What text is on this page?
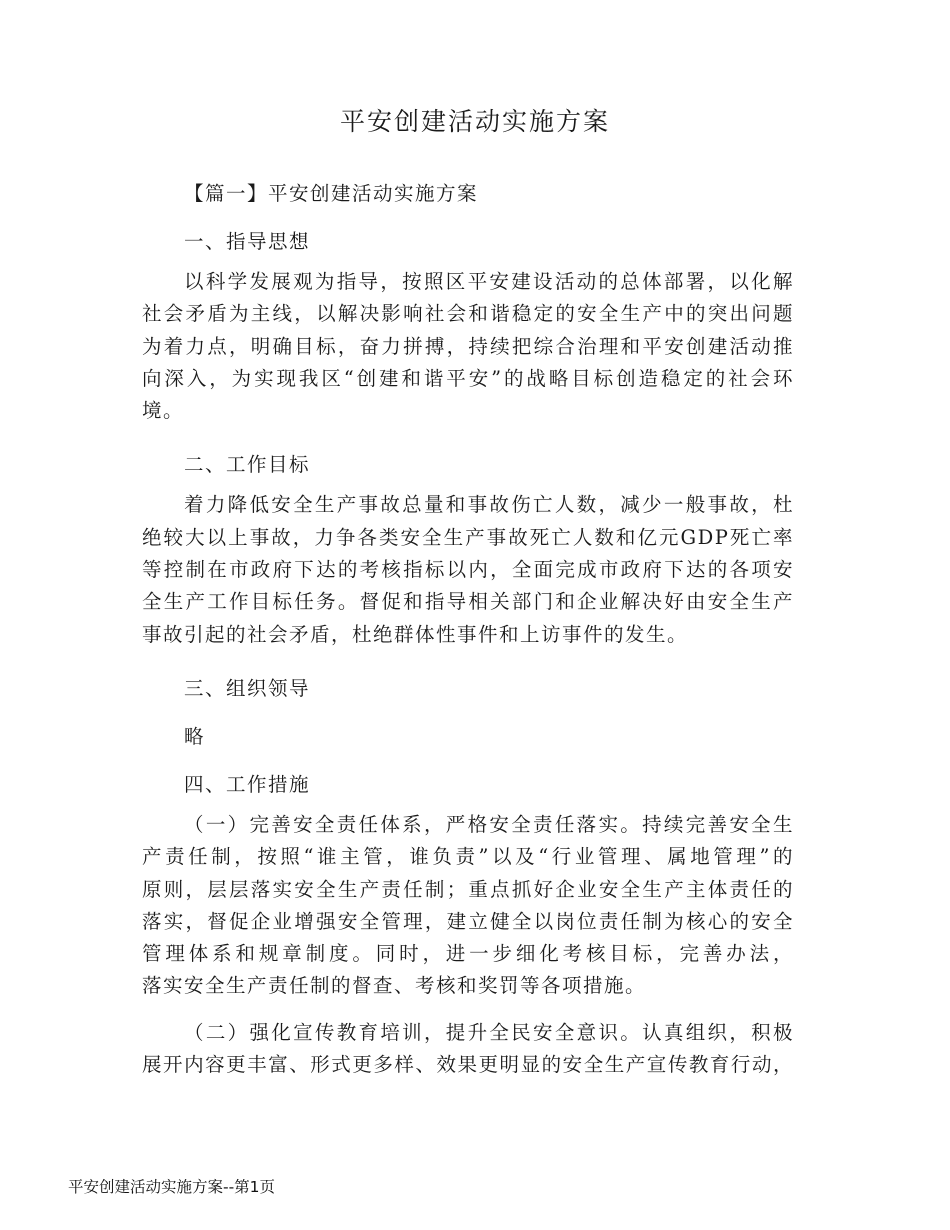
平安创建活动实施方案
【篇一】平安创建活动实施方案
一、指导思想
以科学发展观为指导，按照区平安建设活动的总体部署，以化解
社会矛盾为主线，以解决影响社会和谐稳定的安全生产中的突出问题
为着力点，明确目标，奋力拼搏，持续把综合治理和平安创建活动推
向深入，为实现我区“创建和谐平安”的战略目标创造稳定的社会环
境。
二、工作目标
着力降低安全生产事故总量和事故伤亡人数，减少一般事故，杜
绝较大以上事故，力争各类安全生产事故死亡人数和亿元GDP死亡率
等控制在市政府下达的考核指标以内，全面完成市政府下达的各项安
全生产工作目标任务。督促和指导相关部门和企业解决好由安全生产
事故引起的社会矛盾，杜绝群体性事件和上访事件的发生。
三、组织领导
略
四、工作措施
（一）完善安全责任体系，严格安全责任落实。持续完善安全生
产责任制，按照“谁主管，谁负责”以及“行业管理、属地管理”的
原则，层层落实安全生产责任制；重点抓好企业安全生产主体责任的
落实，督促企业增强安全管理，建立健全以岗位责任制为核心的安全
管理体系和规章制度。同时，进一步细化考核目标，完善办法，
落实安全生产责任制的督查、考核和奖罚等各项措施。
（二）强化宣传教育培训，提升全民安全意识。认真组织，积极
展开内容更丰富、形式更多样、效果更明显的安全生产宣传教育行动，
平安创建活动实施方案--第1页
